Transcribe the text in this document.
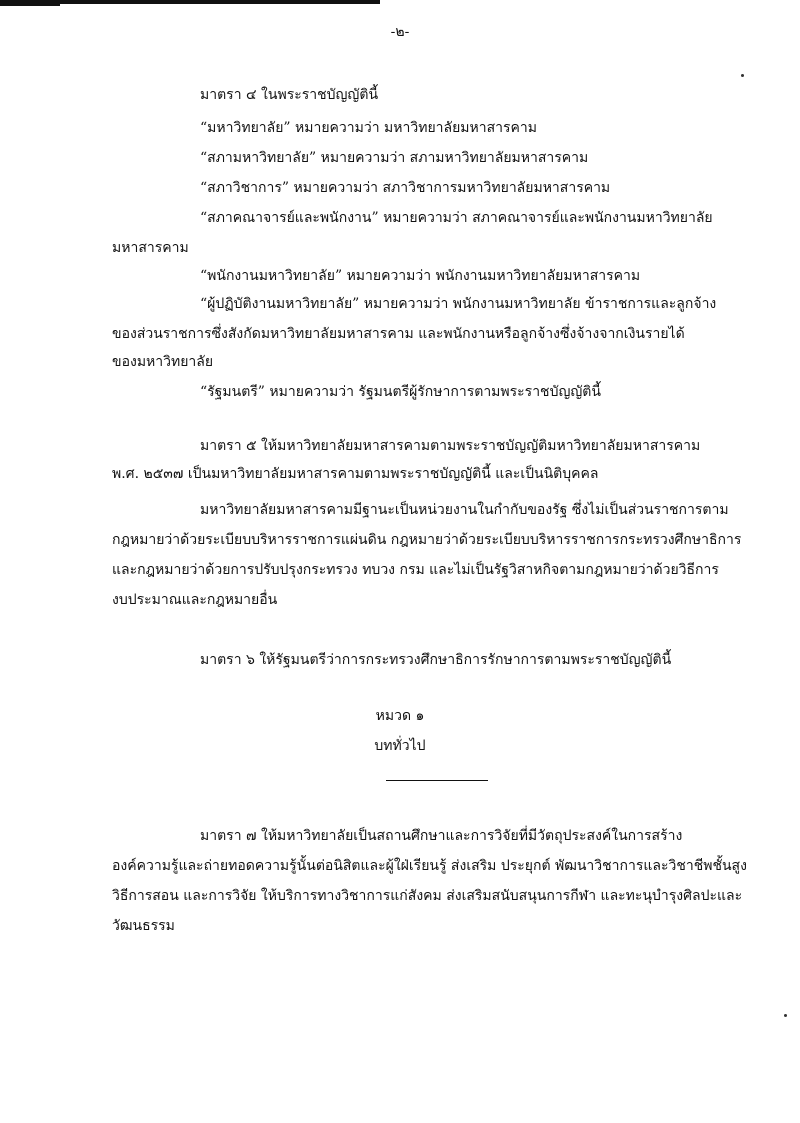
-๒-

มาตรา ๔ ในพระราชบัญญัตินี้

“มหาวิทยาลัย” หมายความว่า มหาวิทยาลัยมหาสารคาม

“สภามหาวิทยาลัย” หมายความว่า สภามหาวิทยาลัยมหาสารคาม

“สภาวิชาการ” หมายความว่า สภาวิชาการมหาวิทยาลัยมหาสารคาม

“สภาคณาจารย์และพนักงาน” หมายความว่า สภาคณาจารย์และพนักงานมหาวิทยาลัย

มหาสารคาม

“พนักงานมหาวิทยาลัย” หมายความว่า พนักงานมหาวิทยาลัยมหาสารคาม

“ผู้ปฏิบัติงานมหาวิทยาลัย” หมายความว่า พนักงานมหาวิทยาลัย ข้าราชการและลูกจ้าง

ของส่วนราชการซึ่งสังกัดมหาวิทยาลัยมหาสารคาม และพนักงานหรือลูกจ้างซึ่งจ้างจากเงินรายได้

ของมหาวิทยาลัย

“รัฐมนตรี” หมายความว่า รัฐมนตรีผู้รักษาการตามพระราชบัญญัตินี้

มาตรา ๕ ให้มหาวิทยาลัยมหาสารคามตามพระราชบัญญัติมหาวิทยาลัยมหาสารคาม

พ.ศ. ๒๕๓๗ เป็นมหาวิทยาลัยมหาสารคามตามพระราชบัญญัตินี้ และเป็นนิติบุคคล

มหาวิทยาลัยมหาสารคามมีฐานะเป็นหน่วยงานในกำกับของรัฐ ซึ่งไม่เป็นส่วนราชการตาม

กฎหมายว่าด้วยระเบียบบริหารราชการแผ่นดิน กฎหมายว่าด้วยระเบียบบริหารราชการกระทรวงศึกษาธิการ

และกฎหมายว่าด้วยการปรับปรุงกระทรวง ทบวง กรม และไม่เป็นรัฐวิสาหกิจตามกฎหมายว่าด้วยวิธีการ

งบประมาณและกฎหมายอื่น

มาตรา ๖ ให้รัฐมนตรีว่าการกระทรวงศึกษาธิการรักษาการตามพระราชบัญญัตินี้

หมวด ๑

บททั่วไป

มาตรา ๗ ให้มหาวิทยาลัยเป็นสถานศึกษาและการวิจัยที่มีวัตถุประสงค์ในการสร้าง

องค์ความรู้และถ่ายทอดความรู้นั้นต่อนิสิตและผู้ใฝ่เรียนรู้ ส่งเสริม ประยุกต์ พัฒนาวิชาการและวิชาชีพชั้นสูง

วิธีการสอน และการวิจัย ให้บริการทางวิชาการแก่สังคม ส่งเสริมสนับสนุนการกีฬา และทะนุบำรุงศิลปะและ

วัฒนธรรม
